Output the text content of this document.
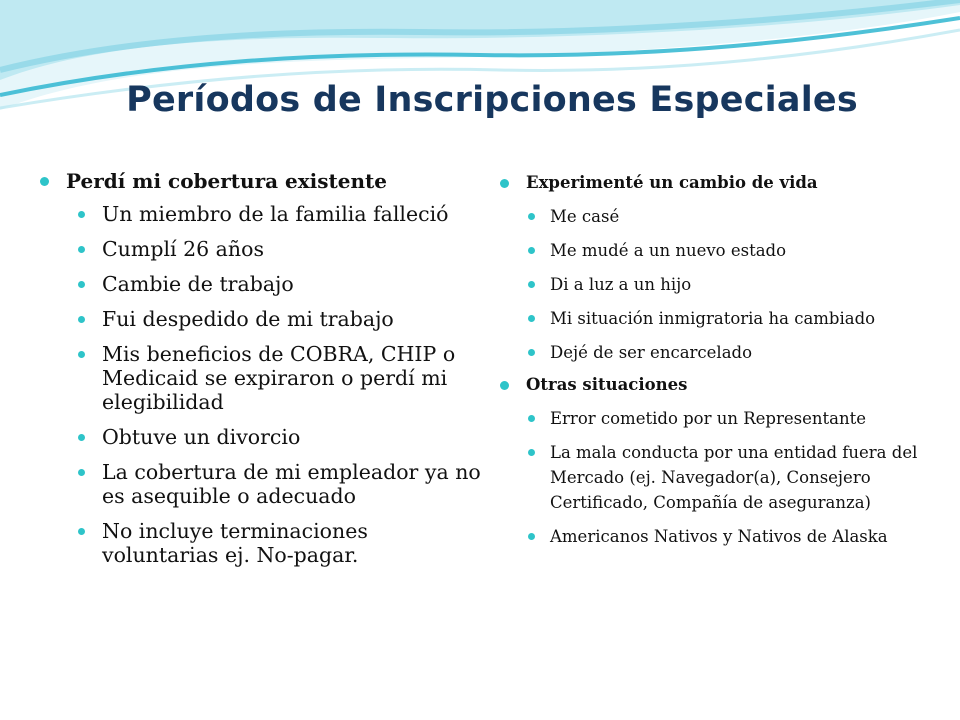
Períodos de Inscripciones Especiales
Perdí mi cobertura existente
Un miembro de la familia falleció
Cumplí 26 años
Cambie de trabajo
Fui despedido de mi trabajo
Mis beneficios de COBRA, CHIP o Medicaid se expiraron o perdí mi elegibilidad
Obtuve un divorcio
La cobertura de mi empleador ya no es asequible o adecuado
No incluye terminaciones voluntarias ej. No-pagar.
Experimenté un cambio de vida
Me casé
Me mudé a un nuevo estado
Di a luz a un hijo
Mi situación inmigratoria ha cambiado
Dejé de ser encarcelado
Otras situaciones
Error cometido por un Representante
La mala conducta por una entidad fuera del Mercado (ej. Navegador(a), Consejero Certificado, Compañía de aseguranza)
Americanos Nativos y Nativos de Alaska
